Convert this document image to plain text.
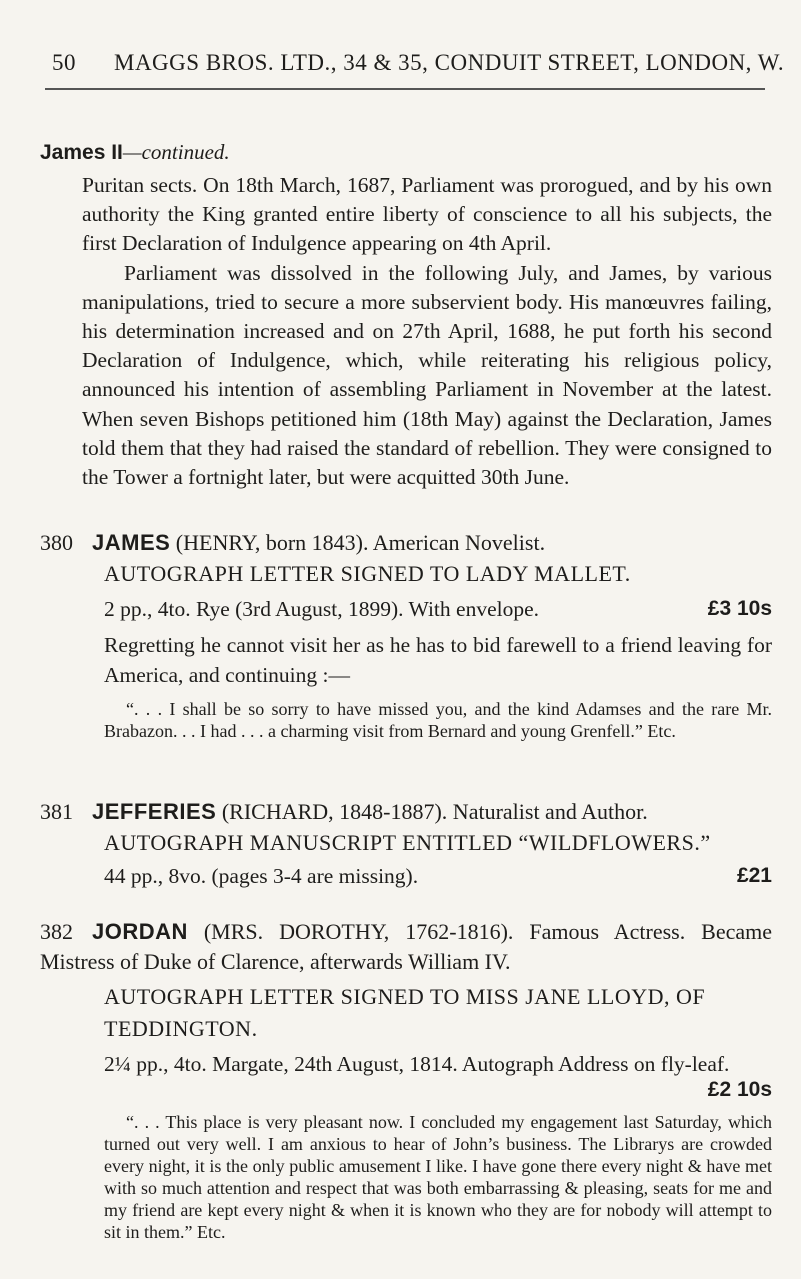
50 MAGGS BROS. LTD., 34 & 35, CONDUIT STREET, LONDON, W.
James II—continued.

Puritan sects. On 18th March, 1687, Parliament was prorogued, and by his own authority the King granted entire liberty of conscience to all his subjects, the first Declaration of Indulgence appearing on 4th April.

Parliament was dissolved in the following July, and James, by various manipulations, tried to secure a more subservient body. His manœuvres failing, his determination increased and on 27th April, 1688, he put forth his second Declaration of Indulgence, which, while reiterating his religious policy, announced his intention of assembling Parliament in November at the latest. When seven Bishops petitioned him (18th May) against the Declaration, James told them that they had raised the standard of rebellion. They were consigned to the Tower a fortnight later, but were acquitted 30th June.

380 JAMES (HENRY, born 1843). American Novelist.
AUTOGRAPH LETTER SIGNED TO LADY MALLET.
2 pp., 4to. Rye (3rd August, 1899). With envelope.	£3 10s
Regretting he cannot visit her as he has to bid farewell to a friend leaving for America, and continuing :—
“. . . I shall be so sorry to have missed you, and the kind Adamses and the rare Mr. Brabazon. . . I had . . . a charming visit from Bernard and young Grenfell.” Etc.
381 JEFFERIES (RICHARD, 1848-1887). Naturalist and Author.
AUTOGRAPH MANUSCRIPT ENTITLED “WILDFLOWERS.”
44 pp., 8vo. (pages 3-4 are missing).	£21
382 JORDAN (MRS. DOROTHY, 1762-1816). Famous Actress. Became Mistress of Duke of Clarence, afterwards William IV.
AUTOGRAPH LETTER SIGNED TO MISS JANE LLOYD, OF TEDDINGTON.
2¼ pp., 4to. Margate, 24th August, 1814. Autograph Address on fly-leaf.
£2 10s
“. . . This place is very pleasant now. I concluded my engagement last Saturday, which turned out very well. I am anxious to hear of John’s business. The Librarys are crowded every night, it is the only public amusement I like. I have gone there every night & have met with so much attention and respect that was both embarrassing & pleasing, seats for me and my friend are kept every night & when it is known who they are for nobody will attempt to sit in them.” Etc.
